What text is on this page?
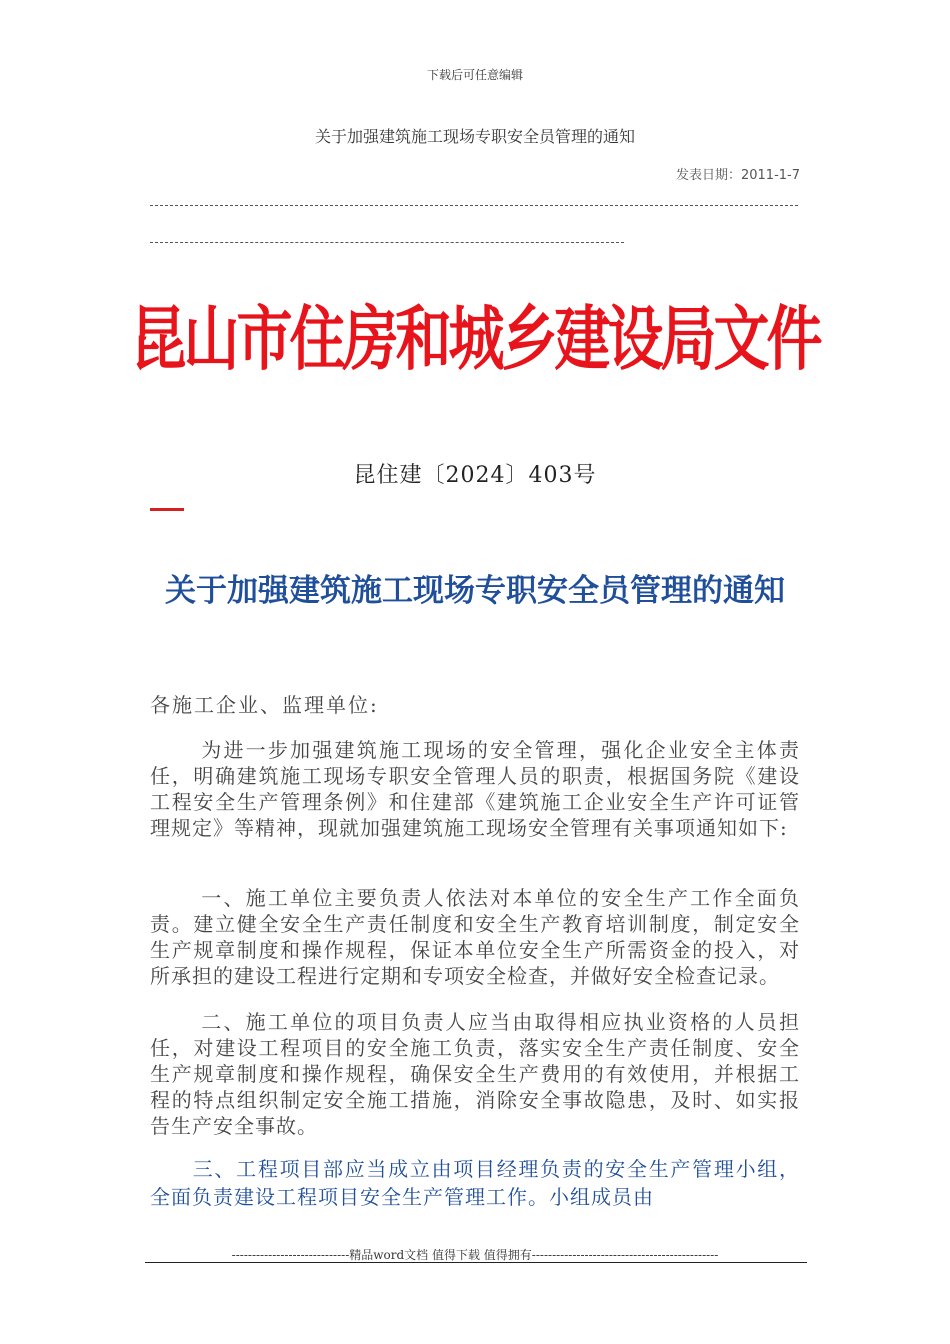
下载后可任意编辑
关于加强建筑施工现场专职安全员管理的通知
发表日期：2011-1-7
昆山市住房和城乡建设局文件
昆住建〔2024〕403号
关于加强建筑施工现场专职安全员管理的通知
各施工企业、监理单位:

为进一步加强建筑施工现场的安全管理，强化企业安全主体责任，明确建筑施工现场专职安全管理人员的职责，根据国务院《建设工程安全生产管理条例》和住建部《建筑施工企业安全生产许可证管理规定》等精神，现就加强建筑施工现场安全管理有关事项通知如下:

一、施工单位主要负责人依法对本单位的安全生产工作全面负责。建立健全安全生产责任制度和安全生产教育培训制度，制定安全生产规章制度和操作规程，保证本单位安全生产所需资金的投入，对所承担的建设工程进行定期和专项安全检查，并做好安全检查记录。

二、施工单位的项目负责人应当由取得相应执业资格的人员担任，对建设工程项目的安全施工负责，落实安全生产责任制度、安全生产规章制度和操作规程，确保安全生产费用的有效使用，并根据工程的特点组织制定安全施工措施，消除安全事故隐患，及时、如实报告生产安全事故。

三、工程项目部应当成立由项目经理负责的安全生产管理小组，全面负责建设工程项目安全生产管理工作。小组成员由

-----------------------------精品word文档 值得下载 值得拥有----------------------------------------------
